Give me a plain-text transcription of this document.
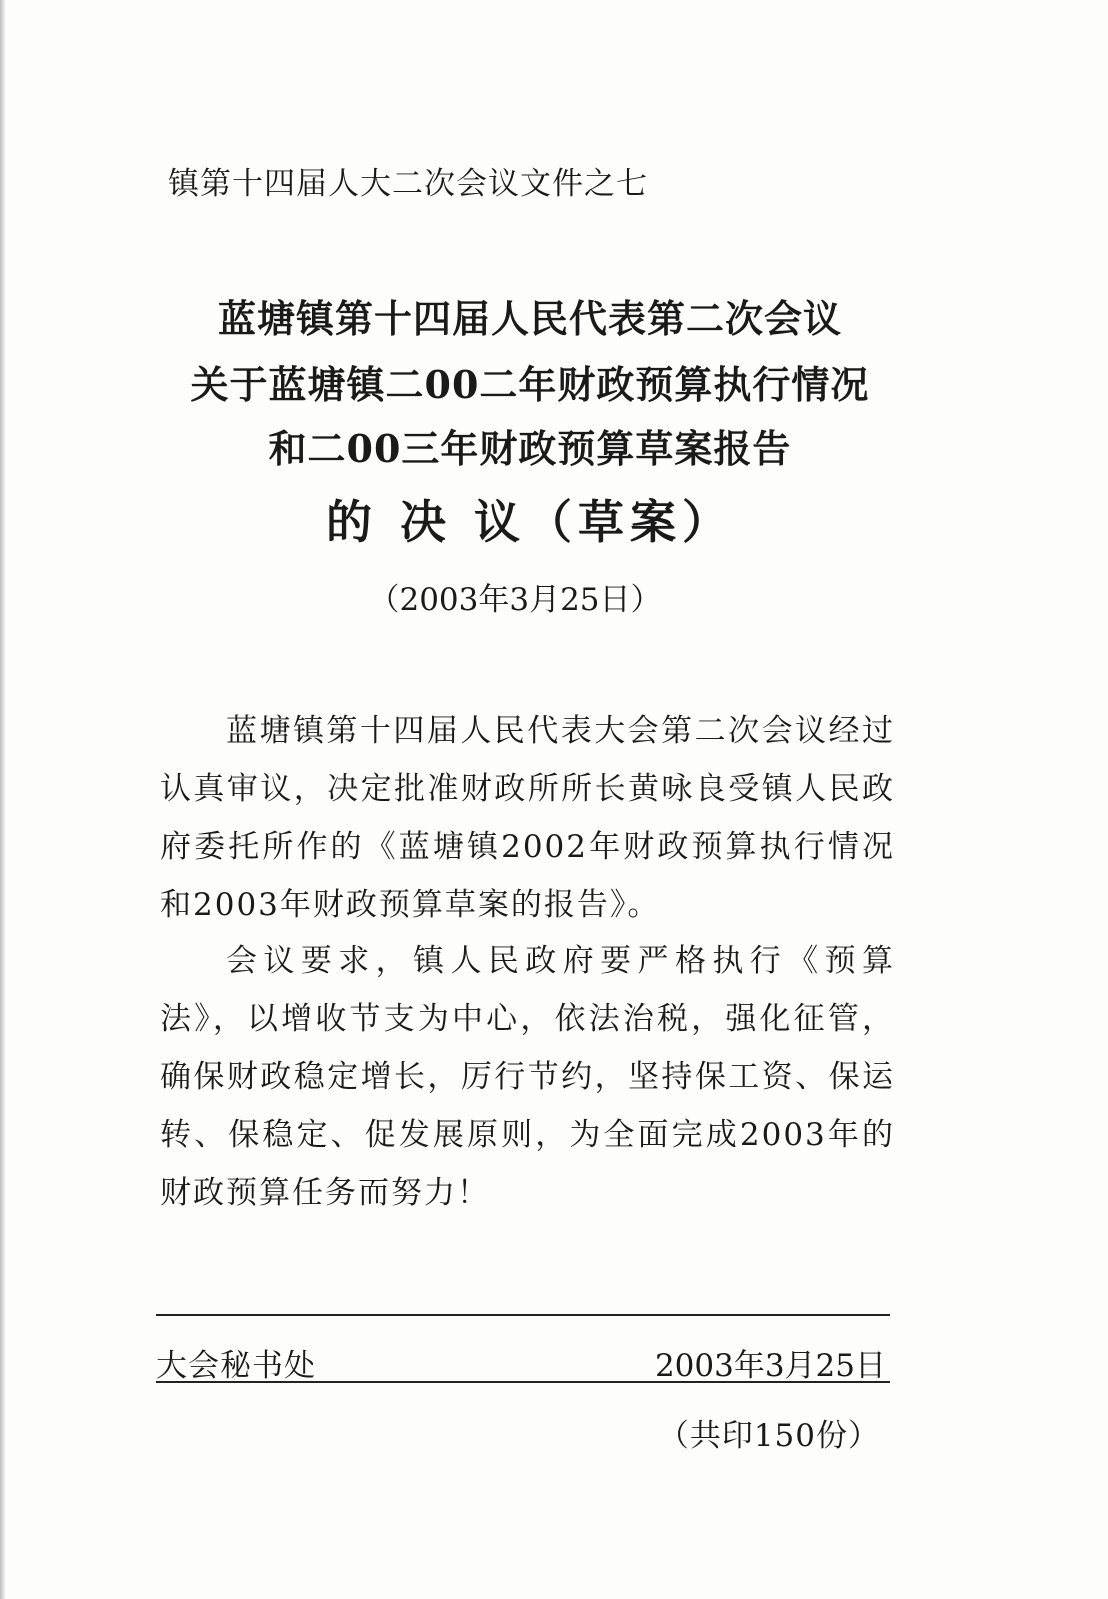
镇第十四届人大二次会议文件之七
蓝塘镇第十四届人民代表第二次会议
关于蓝塘镇二00二年财政预算执行情况
和二00三年财政预算草案报告
的 决 议（草案）
（2003年3月25日）
蓝塘镇第十四届人民代表大会第二次会议经过认真审议，决定批准财政所所长黄咏良受镇人民政府委托所作的《蓝塘镇2002年财政预算执行情况和2003年财政预算草案的报告》。
会议要求，镇人民政府要严格执行《预算法》，以增收节支为中心，依法治税，强化征管，确保财政稳定增长，厉行节约，坚持保工资、保运转、保稳定、促发展原则，为全面完成2003年的财政预算任务而努力！
大会秘书处	2003年3月25日
（共印150份）
